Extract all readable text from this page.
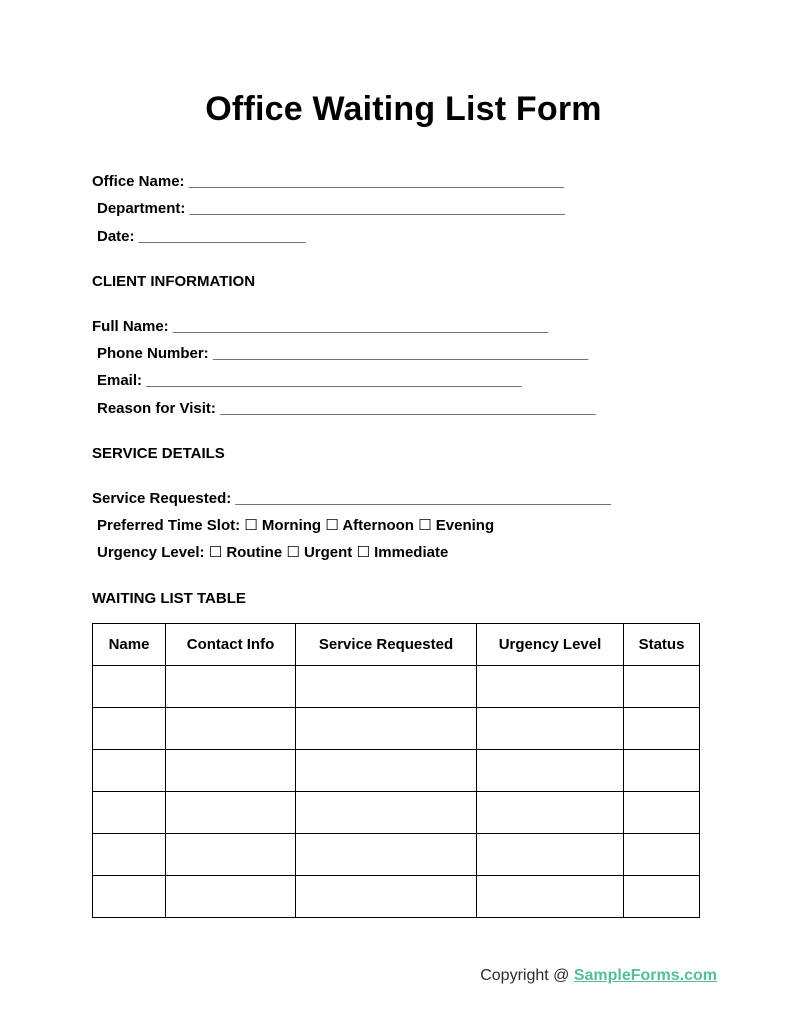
Office Waiting List Form
Office Name: _____________________________________________
Department: _____________________________________________
Date: ____________________
CLIENT INFORMATION
Full Name: _____________________________________________
Phone Number: _____________________________________________
Email: _____________________________________________
Reason for Visit: _____________________________________________
SERVICE DETAILS
Service Requested: _____________________________________________
Preferred Time Slot: ☐ Morning ☐ Afternoon ☐ Evening
Urgency Level: ☐ Routine ☐ Urgent ☐ Immediate
WAITING LIST TABLE
Name	Contact Info	Service Requested	Urgency Level	Status

Copyright @ SampleForms.com
